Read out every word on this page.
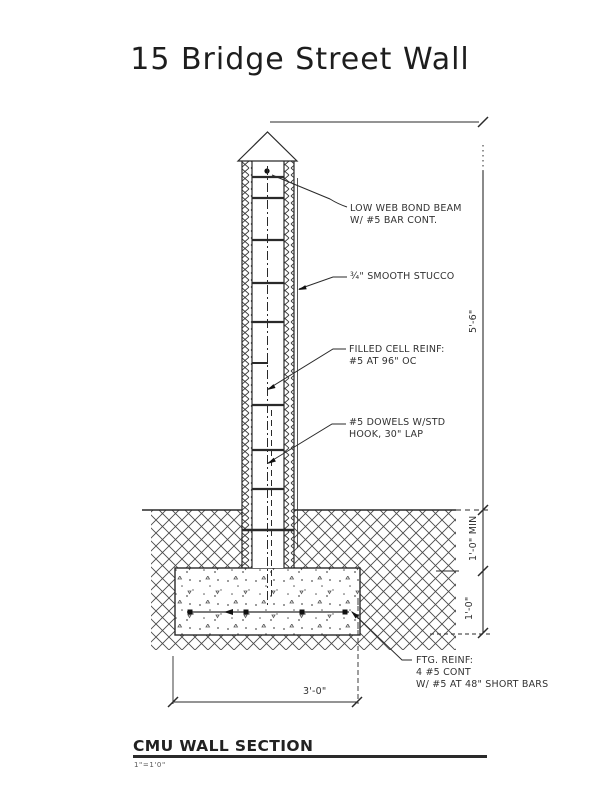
15 Bridge Street Wall
LOW WEB BOND BEAM
W/ #5 BAR CONT.
¾" SMOOTH STUCCO
FILLED CELL REINF:
#5 AT 96" OC
#5 DOWELS W/STD
HOOK, 30" LAP
FTG. REINF:
4 #5 CONT
W/ #5 AT 48" SHORT BARS
5'-6"
1'-0" MIN
1'-0"
3'-0"
CMU WALL SECTION
1"=1'0"
